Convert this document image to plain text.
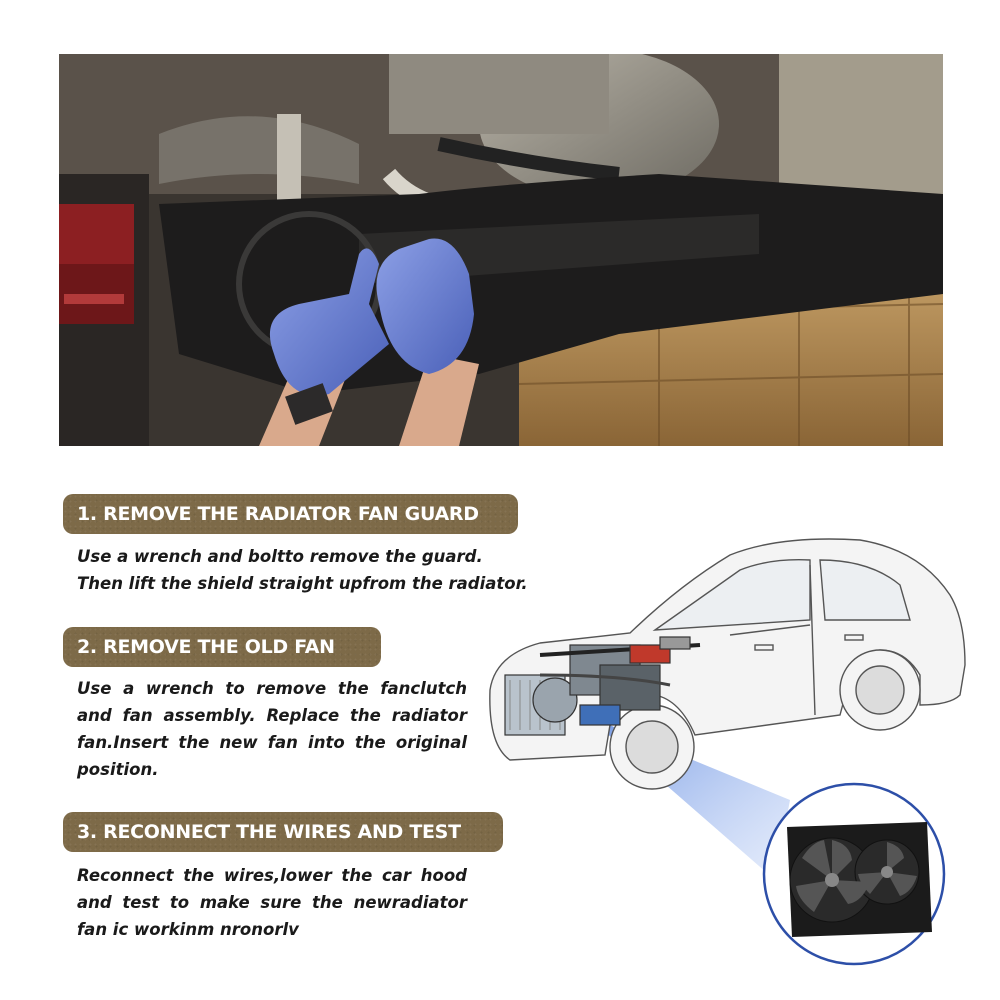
1. REMOVE THE RADIATOR FAN GUARD
Use a wrench and boltto remove the guard.
Then lift the shield straight upfrom the radiator.
2. REMOVE THE OLD FAN
Use a wrench to remove the fanclutch
and fan assembly. Replace the radiator
fan.Insert the new fan into the original
position.
3. RECONNECT THE WIRES AND TEST
Reconnect the wires,lower the car hood
and test to make sure the newradiator
fan ic workinm nronorlv
